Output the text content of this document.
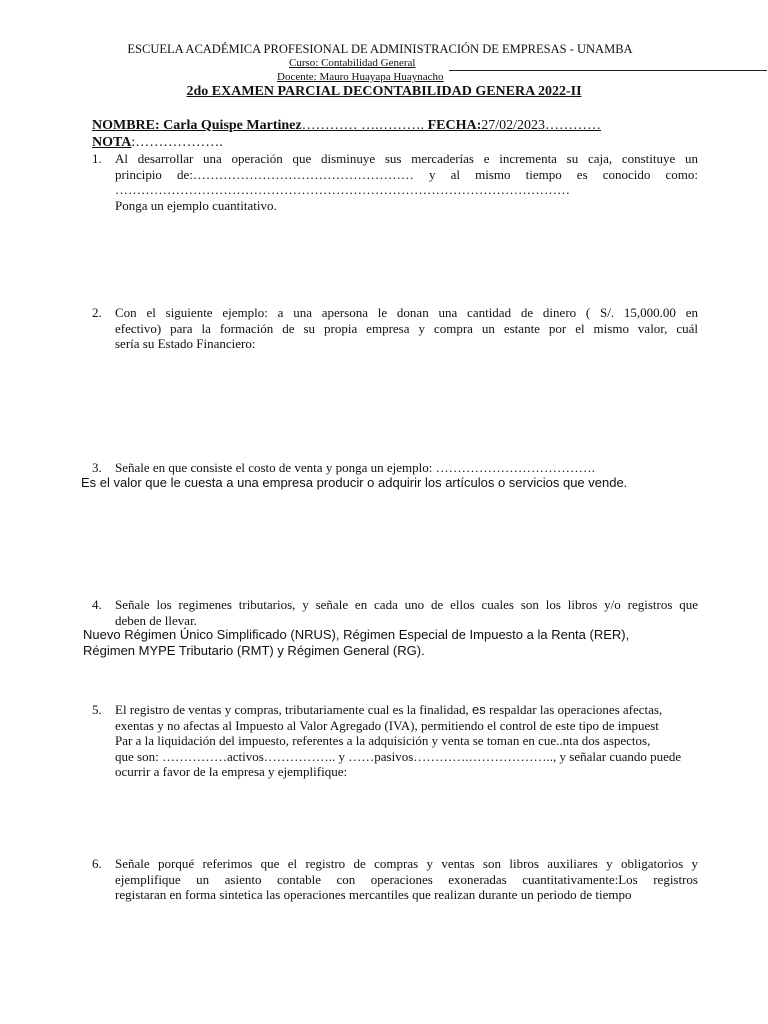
ESCUELA ACADÉMICA PROFESIONAL DE ADMINISTRACIÓN DE EMPRESAS - UNAMBA
Curso: Contabilidad General
Docente: Mauro Huayapa Huaynacho
2do EXAMEN PARCIAL DECONTABILIDAD GENERA 2022-II
NOMBRE: Carla Quispe Martinez………… ….………. FECHA:27/02/2023…………
NOTA:……………….
1.	Al desarrollar una operación que disminuye sus mercaderías e incrementa su caja, constituye un
principio de:…………………………………………… y al mismo tiempo es conocido como:
……………………………………………………………………………………………
Ponga un ejemplo cuantitativo.
2.	Con el siguiente ejemplo: a una apersona le donan una cantidad de dinero ( S/. 15,000.00 en
efectivo) para la formación de su propia empresa y compra un estante por el mismo valor, cuál
sería su Estado Financiero:
3.	Señale en que consiste el costo de venta y ponga un ejemplo: ……………………………….
Es el valor que le cuesta a una empresa producir o adquirir los artículos o servicios que vende.
4.	Señale los regimenes tributarios, y señale en cada uno de ellos cuales son los libros y/o registros que
deben de llevar.
Nuevo Régimen Único Simplificado (NRUS), Régimen Especial de Impuesto a la Renta (RER),
Régimen MYPE Tributario (RMT) y Régimen General (RG).
5.	El registro de ventas y compras, tributariamente cual es la finalidad, es respaldar las operaciones afectas,
exentas y no afectas al Impuesto al Valor Agregado (IVA), permitiendo el control de este tipo de impuest
Par a la liquidación del impuesto, referentes a la adquisición y venta se toman en cue..nta dos aspectos,
que son: ……………activos…………….. y ……pasivos………….……………….., y señalar cuando puede
ocurrir a favor de la empresa y ejemplifique:
6.	Señale porqué referimos que el registro de compras y ventas son libros auxiliares y obligatorios y
ejemplifique un asiento contable con operaciones exoneradas cuantitativamente:Los registros
registaran en forma sintetica las operaciones mercantiles que realizan durante un periodo de tiempo
